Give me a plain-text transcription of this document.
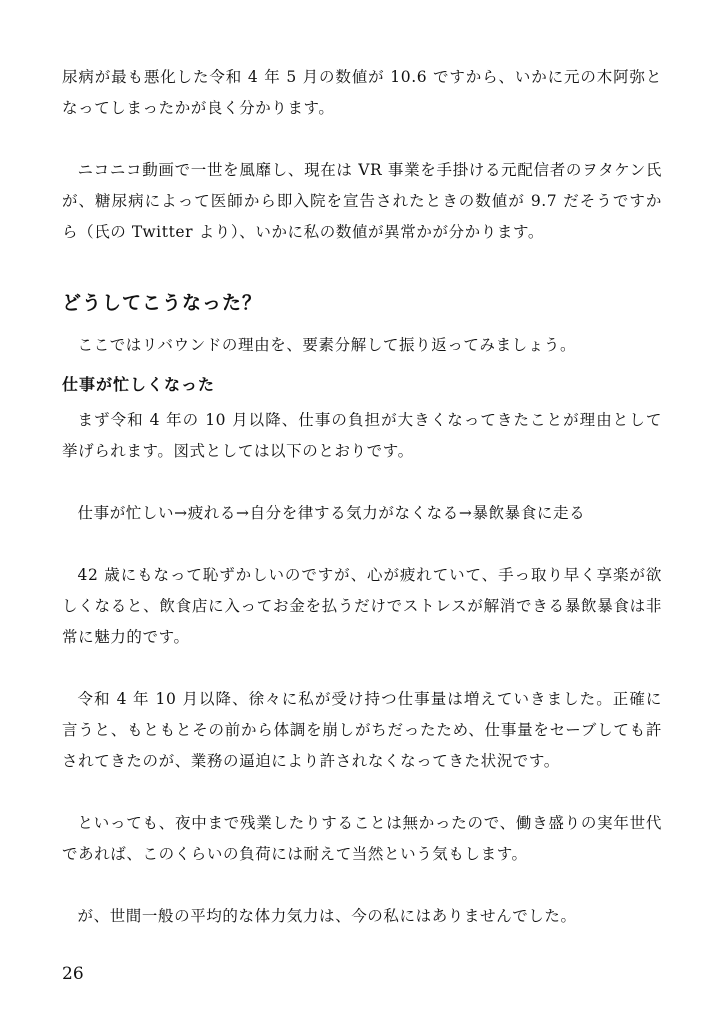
尿病が最も悪化した令和 4 年 5 月の数値が 10.6 ですから、いかに元の木阿弥となってしまったかが良く分かります。

ニコニコ動画で一世を風靡し、現在は VR 事業を手掛ける元配信者のヲタケン氏が、糖尿病によって医師から即入院を宣告されたときの数値が 9.7 だそうですから（氏の Twitter より）、いかに私の数値が異常かが分かります。

どうしてこうなった？

ここではリバウンドの理由を、要素分解して振り返ってみましょう。

仕事が忙しくなった

まず令和 4 年の 10 月以降、仕事の負担が大きくなってきたことが理由として挙げられます。図式としては以下のとおりです。

仕事が忙しい→疲れる→自分を律する気力がなくなる→暴飲暴食に走る

42 歳にもなって恥ずかしいのですが、心が疲れていて、手っ取り早く享楽が欲しくなると、飲食店に入ってお金を払うだけでストレスが解消できる暴飲暴食は非常に魅力的です。

令和 4 年 10 月以降、徐々に私が受け持つ仕事量は増えていきました。正確に言うと、もともとその前から体調を崩しがちだったため、仕事量をセーブしても許されてきたのが、業務の逼迫により許されなくなってきた状況です。

といっても、夜中まで残業したりすることは無かったので、働き盛りの実年世代であれば、このくらいの負荷には耐えて当然という気もします。

が、世間一般の平均的な体力気力は、今の私にはありませんでした。

26
